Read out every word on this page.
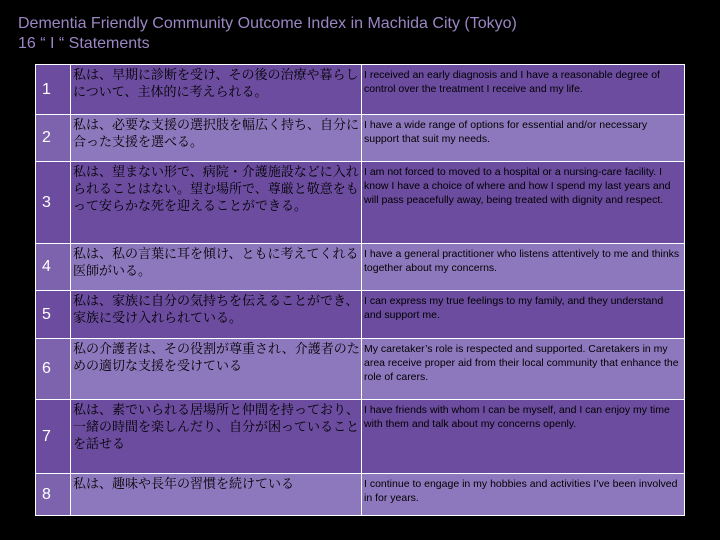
Dementia Friendly Community Outcome Index in Machida City (Tokyo)
16 “ I “ Statements
1	私は、早期に診断を受け、その後の治療や暮らしについて、主体的に考えられる。	I received an early diagnosis and I have a reasonable degree of control over the treatment I receive and my life.
2	私は、必要な支援の選択肢を幅広く持ち、自分に合った支援を選べる。	I have a wide range of options for essential and/or necessary support that suit my needs.
3	私は、望まない形で、病院・介護施設などに入れられることはない。望む場所で、尊厳と敬意をもって安らかな死を迎えることができる。	I am not forced to moved to a hospital or a nursing-care facility. I know I have a choice of where and how I spend my last years and will pass peacefully away, being treated with dignity and respect.
4	私は、私の言葉に耳を傾け、ともに考えてくれる医師がいる。	I have a general practitioner who listens attentively to me and thinks together about my concerns.
5	私は、家族に自分の気持ちを伝えることができ、家族に受け入れられている。	I can express my true feelings to my family, and they understand and support me.
6	私の介護者は、その役割が尊重され、介護者のための適切な支援を受けている	My caretaker’s role is respected and supported. Caretakers in my area receive proper aid from their local community that enhance the role of carers.
7	私は、素でいられる居場所と仲間を持っており、一緒の時間を楽しんだり、自分が困っていることを話せる	I have friends with whom I can be myself, and I can enjoy my time with them and talk about my concerns openly.
8	私は、趣味や長年の習慣を続けている	I continue to engage in my hobbies and activities I’ve been involved in for years.
